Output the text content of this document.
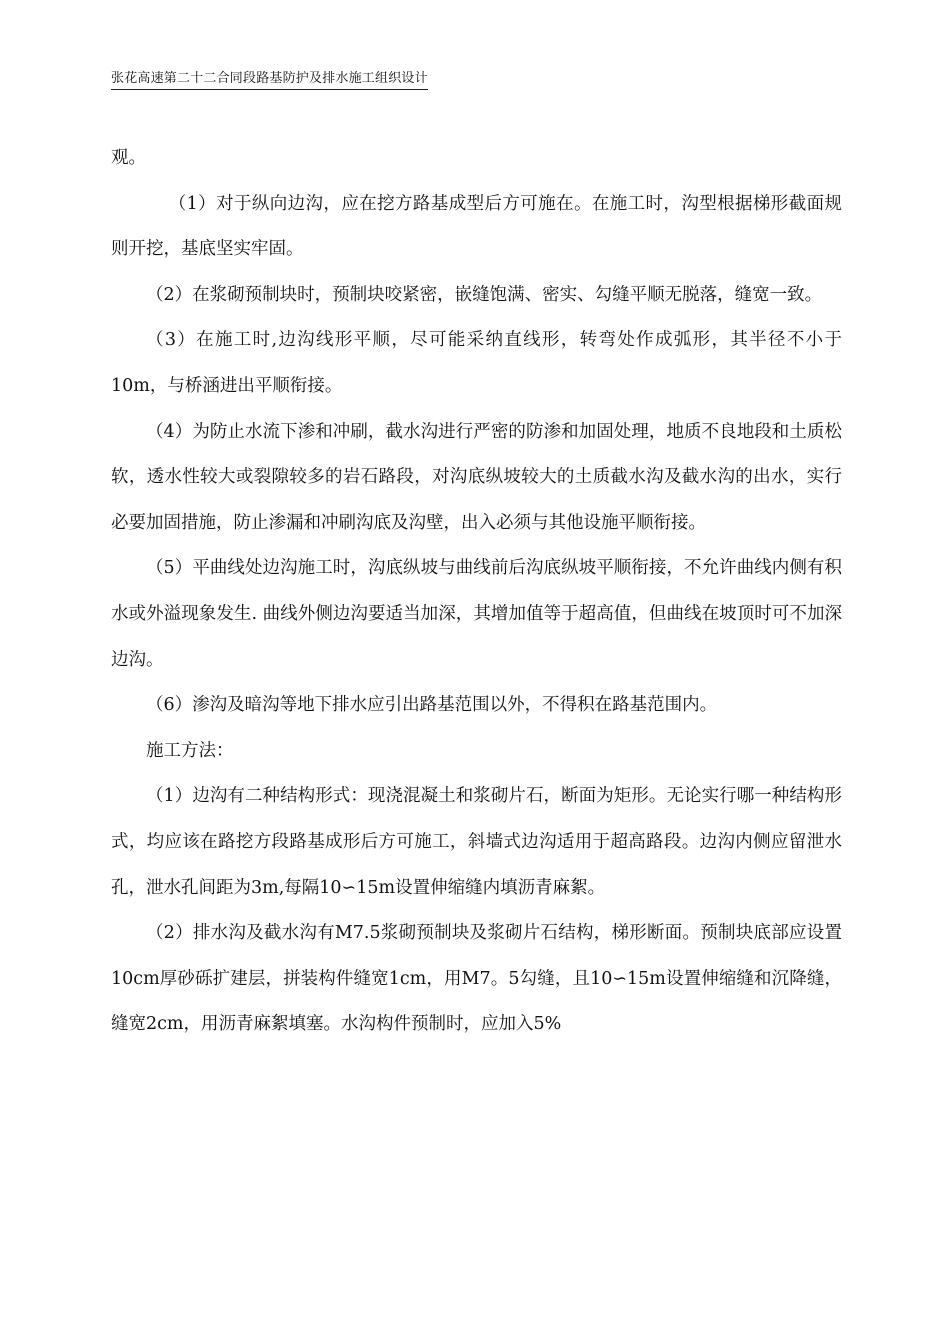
张花高速第二十二合同段路基防护及排水施工组织设计

观。

（1）对于纵向边沟，应在挖方路基成型后方可施在。在施工时，沟型根据梯形截面规则开挖，基底坚实牢固。

（2）在浆砌预制块时，预制块咬紧密，嵌缝饱满、密实、勾缝平顺无脱落，缝宽一致。

（3）在施工时,边沟线形平顺，尽可能采纳直线形，转弯处作成弧形，其半径不小于10m，与桥涵进出平顺衔接。

（4）为防止水流下渗和冲刷，截水沟进行严密的防渗和加固处理，地质不良地段和土质松软，透水性较大或裂隙较多的岩石路段，对沟底纵坡较大的土质截水沟及截水沟的出水，实行必要加固措施，防止渗漏和冲刷沟底及沟壁，出入必须与其他设施平顺衔接。

（5）平曲线处边沟施工时，沟底纵坡与曲线前后沟底纵坡平顺衔接，不允许曲线内侧有积水或外溢现象发生. 曲线外侧边沟要适当加深，其增加值等于超高值，但曲线在坡顶时可不加深边沟。

（6）渗沟及暗沟等地下排水应引出路基范围以外，不得积在路基范围内。

施工方法：

（1）边沟有二种结构形式：现浇混凝土和浆砌片石，断面为矩形。无论实行哪一种结构形式，均应该在路挖方段路基成形后方可施工，斜墙式边沟适用于超高路段。边沟内侧应留泄水孔，泄水孔间距为3m,每隔10∽15m设置伸缩缝内填沥青麻絮。

（2）排水沟及截水沟有M7.5浆砌预制块及浆砌片石结构，梯形断面。预制块底部应设置10cm厚砂砾扩建层，拼装构件缝宽1cm，用M7。5勾缝，且10∽15m设置伸缩缝和沉降缝，缝宽2cm，用沥青麻絮填塞。水沟构件预制时，应加入5%
